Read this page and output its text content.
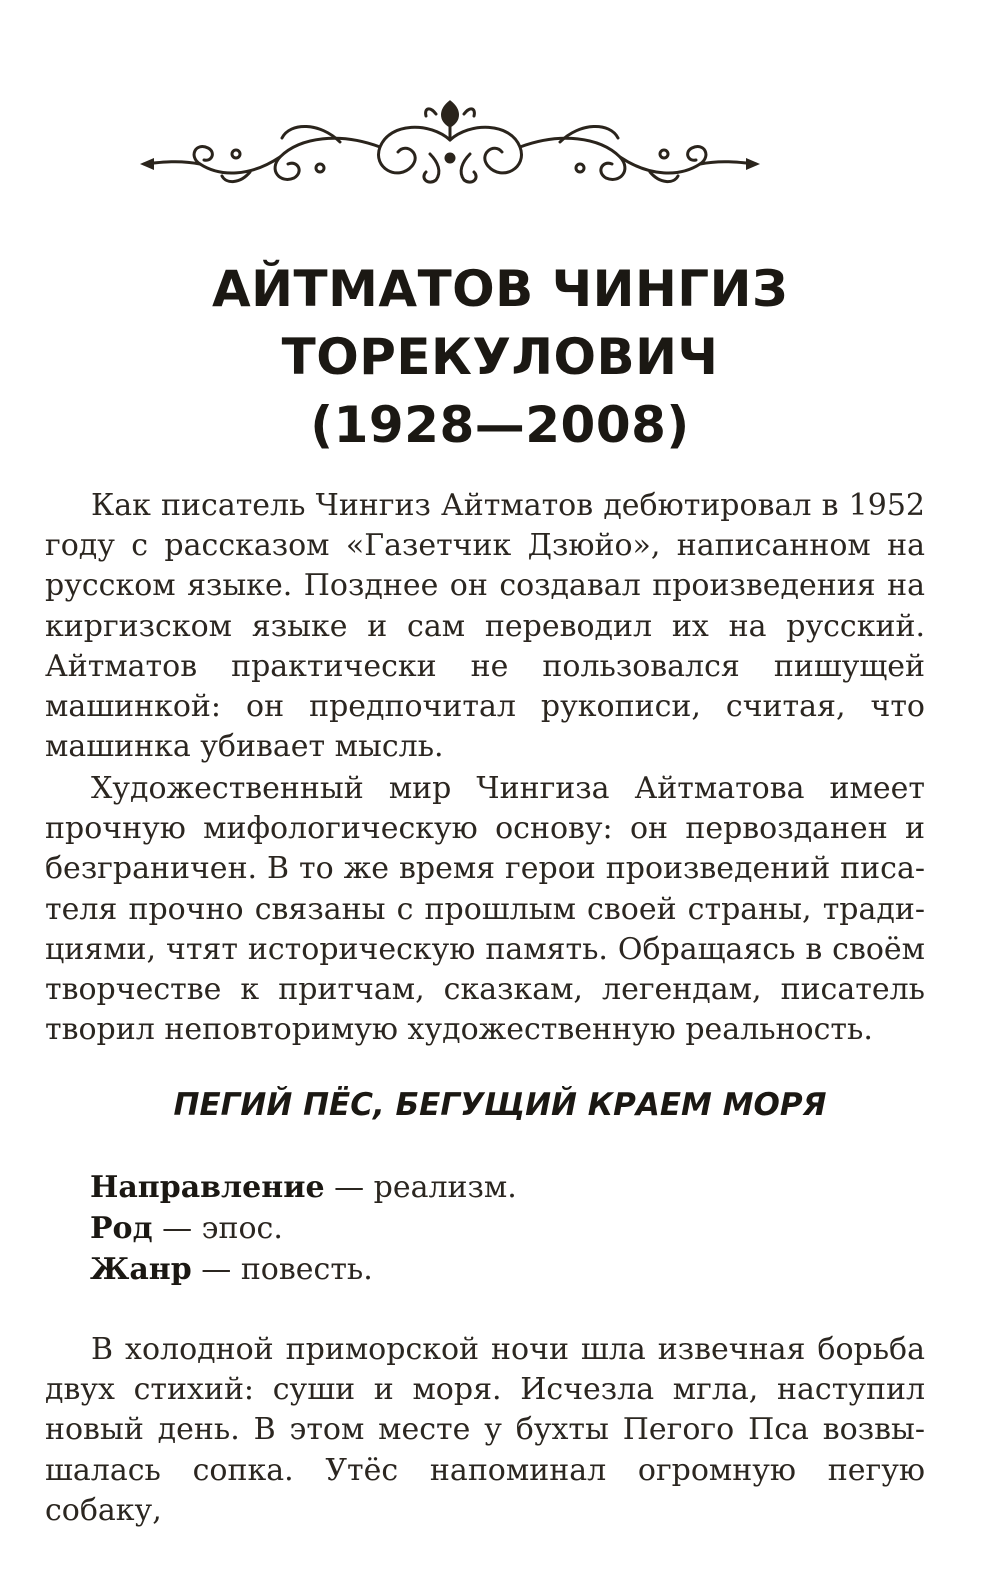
АЙТМАТОВ ЧИНГИЗ
ТОРЕКУЛОВИЧ
(1928—2008)

Как писатель Чингиз Айтматов дебютировал в 1952 году с рассказом «Газетчик Дзюйо», написанном на русском языке. Позднее он создавал произведения на киргизском языке и сам переводил их на русский. Айтматов практически не пользовался пишущей машинкой: он предпочитал рукописи, считая, что машинка убивает мысль.

Художественный мир Чингиза Айтматова имеет прочную мифологическую основу: он первозданен и безграничен. В то же время герои произведений писателя прочно связаны с прошлым своей страны, традициями, чтят историческую память. Обращаясь в своём творчестве к притчам, сказкам, легендам, писатель творил неповторимую художественную реальность.

ПЕГИЙ ПЁС, БЕГУЩИЙ КРАЕМ МОРЯ
Направление — реализм.
Род — эпос.
Жанр — повесть.

В холодной приморской ночи шла извечная борьба двух стихий: суши и моря. Исчезла мгла, наступил новый день. В этом месте у бухты Пегого Пса возвышалась сопка. Утёс напоминал огромную пегую собаку,
